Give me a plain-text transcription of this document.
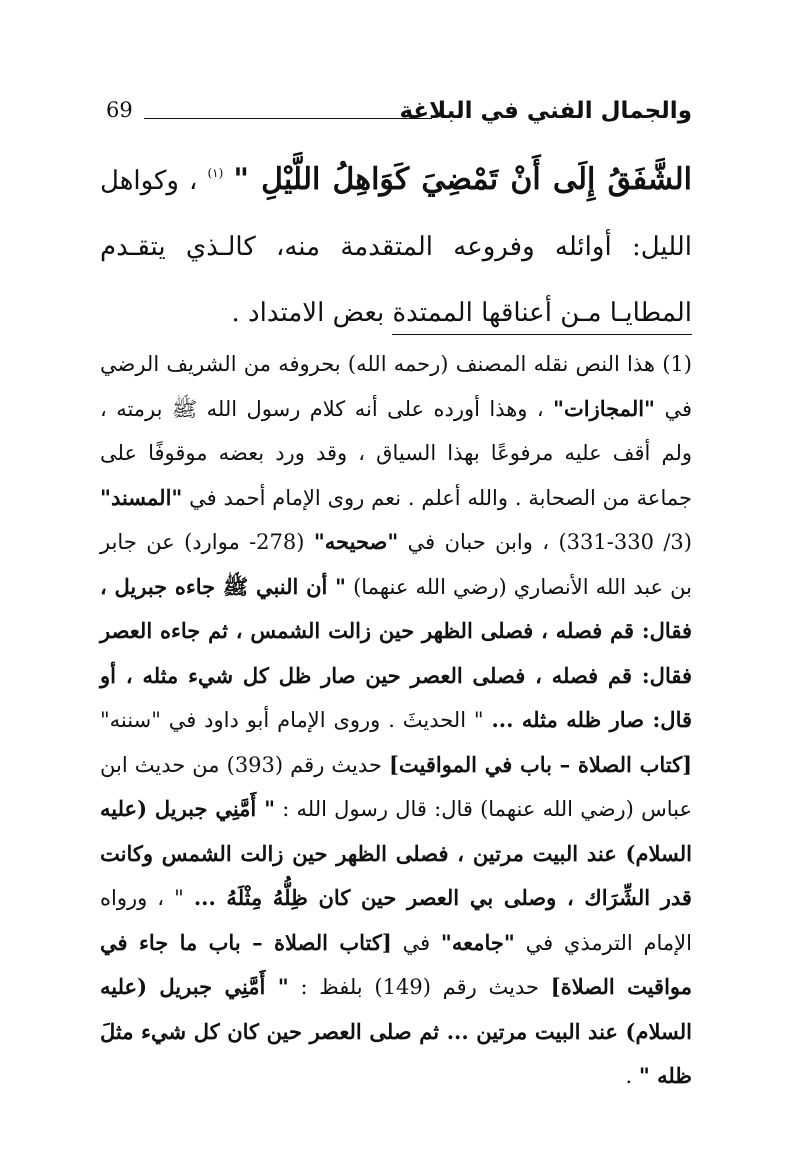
والجمال الفني في البلاغة
69
الشَّفَقُ إِلَى أَنْ تَمْضِيَ كَوَاهِلُ اللَّيْلِ " $^{(١)}$ ، وكواهل الليل: أوائله وفروعه المتقدمة منه، كالـذي يتقـدم المطايـا مـن أعناقها الممتدة بعض الامتداد .
(1) هذا النص نقله المصنف (رحمه الله) بحروفه من الشريف الرضي في "المجازات" ، وهذا أورده على أنه كلام رسول الله ﷺ برمته ، ولم أقف عليه مرفوعًا بهذا السياق ، وقد ورد بعضه موقوفًا على جماعة من الصحابة . والله أعلم . نعم روى الإمام أحمد في "المسند" (3/ 330-331) ، وابن حبان في "صحيحه" (278- موارد) عن جابر بن عبد الله الأنصاري (رضي الله عنهما) " أن النبي ﷺ جاءه جبريل ، فقال: قم فصله ، فصلى الظهر حين زالت الشمس ، ثم جاءه العصر فقال: قم فصله ، فصلى العصر حين صار ظل كل شيء مثله ، أو قال: صار ظله مثله ... " الحديثَ . وروى الإمام أبو داود في "سننه" [كتاب الصلاة – باب في المواقيت] حديث رقم (393) من حديث ابن عباس (رضي الله عنهما) قال: قال رسول الله : " أَمَّنِي جبريل (عليه السلام) عند البيت مرتين ، فصلى الظهر حين زالت الشمس وكانت قدر الشِّرَاك ، وصلى بي العصر حين كان ظِلُّهُ مِثْلَهُ ... " ، ورواه الإمام الترمذي في "جامعه" في [كتاب الصلاة – باب ما جاء في مواقيت الصلاة] حديث رقم (149) بلفظ : " أَمَّنِي جبريل (عليه السلام) عند البيت مرتين ... ثم صلى العصر حين كان كل شيء مثلَ ظله " .
